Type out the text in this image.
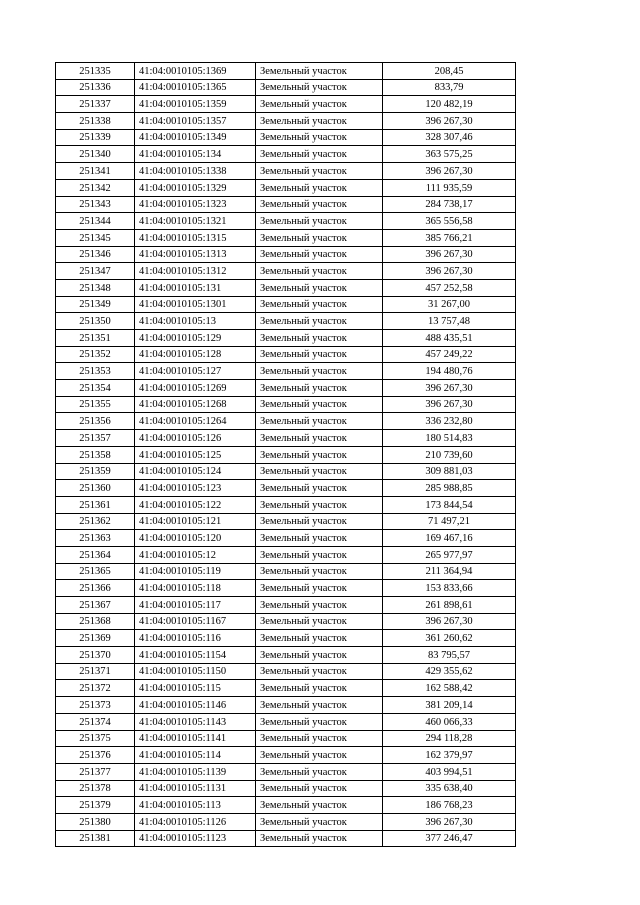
251335	41:04:0010105:1369	Земельный участок	208,45
251336	41:04:0010105:1365	Земельный участок	833,79
251337	41:04:0010105:1359	Земельный участок	120 482,19
251338	41:04:0010105:1357	Земельный участок	396 267,30
251339	41:04:0010105:1349	Земельный участок	328 307,46
251340	41:04:0010105:134	Земельный участок	363 575,25
251341	41:04:0010105:1338	Земельный участок	396 267,30
251342	41:04:0010105:1329	Земельный участок	111 935,59
251343	41:04:0010105:1323	Земельный участок	284 738,17
251344	41:04:0010105:1321	Земельный участок	365 556,58
251345	41:04:0010105:1315	Земельный участок	385 766,21
251346	41:04:0010105:1313	Земельный участок	396 267,30
251347	41:04:0010105:1312	Земельный участок	396 267,30
251348	41:04:0010105:131	Земельный участок	457 252,58
251349	41:04:0010105:1301	Земельный участок	31 267,00
251350	41:04:0010105:13	Земельный участок	13 757,48
251351	41:04:0010105:129	Земельный участок	488 435,51
251352	41:04:0010105:128	Земельный участок	457 249,22
251353	41:04:0010105:127	Земельный участок	194 480,76
251354	41:04:0010105:1269	Земельный участок	396 267,30
251355	41:04:0010105:1268	Земельный участок	396 267,30
251356	41:04:0010105:1264	Земельный участок	336 232,80
251357	41:04:0010105:126	Земельный участок	180 514,83
251358	41:04:0010105:125	Земельный участок	210 739,60
251359	41:04:0010105:124	Земельный участок	309 881,03
251360	41:04:0010105:123	Земельный участок	285 988,85
251361	41:04:0010105:122	Земельный участок	173 844,54
251362	41:04:0010105:121	Земельный участок	71 497,21
251363	41:04:0010105:120	Земельный участок	169 467,16
251364	41:04:0010105:12	Земельный участок	265 977,97
251365	41:04:0010105:119	Земельный участок	211 364,94
251366	41:04:0010105:118	Земельный участок	153 833,66
251367	41:04:0010105:117	Земельный участок	261 898,61
251368	41:04:0010105:1167	Земельный участок	396 267,30
251369	41:04:0010105:116	Земельный участок	361 260,62
251370	41:04:0010105:1154	Земельный участок	83 795,57
251371	41:04:0010105:1150	Земельный участок	429 355,62
251372	41:04:0010105:115	Земельный участок	162 588,42
251373	41:04:0010105:1146	Земельный участок	381 209,14
251374	41:04:0010105:1143	Земельный участок	460 066,33
251375	41:04:0010105:1141	Земельный участок	294 118,28
251376	41:04:0010105:114	Земельный участок	162 379,97
251377	41:04:0010105:1139	Земельный участок	403 994,51
251378	41:04:0010105:1131	Земельный участок	335 638,40
251379	41:04:0010105:113	Земельный участок	186 768,23
251380	41:04:0010105:1126	Земельный участок	396 267,30
251381	41:04:0010105:1123	Земельный участок	377 246,47
